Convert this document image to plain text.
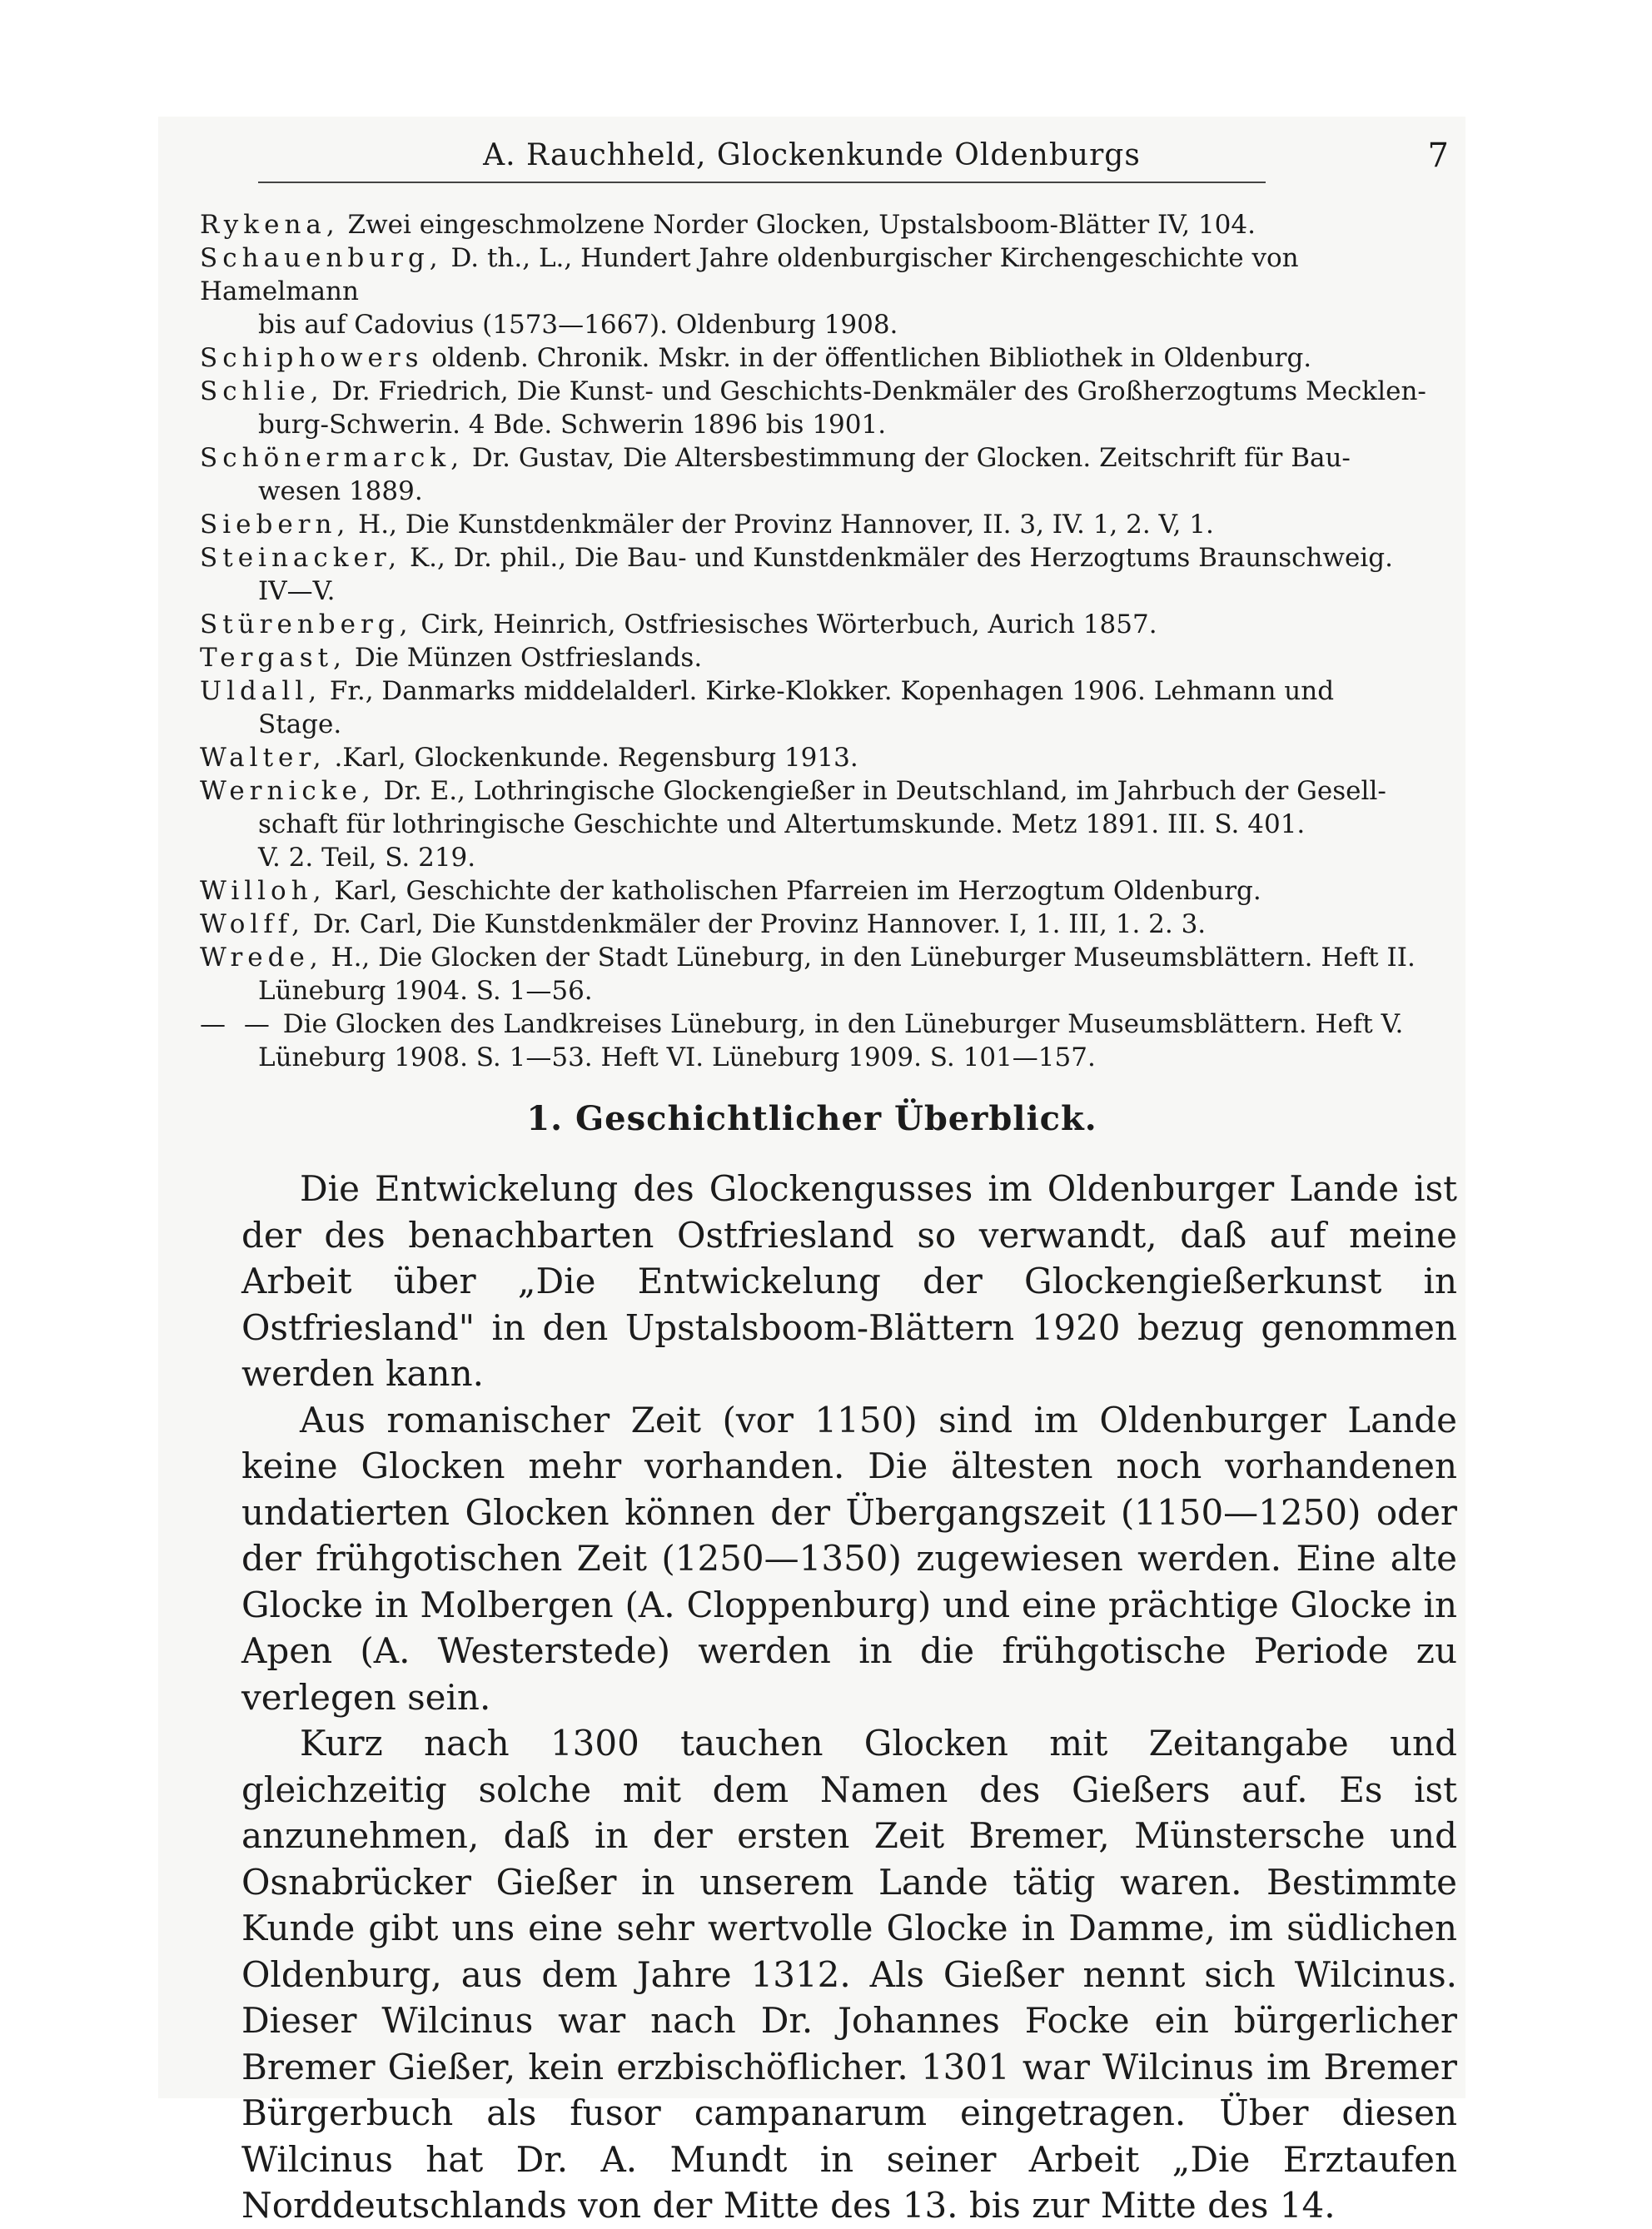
A. Rauchheld, Glockenkunde Oldenburgs	7

Rykena, Zwei eingeschmolzene Norder Glocken, Upstalsboom-Blätter IV, 104.

Schauenburg, D. th., L., Hundert Jahre oldenburgischer Kirchengeschichte von Hamelmann
bis auf Cadovius (1573—1667). Oldenburg 1908.

Schiphowers oldenb. Chronik. Mskr. in der öffentlichen Bibliothek in Oldenburg.

Schlie, Dr. Friedrich, Die Kunst- und Geschichts-Denkmäler des Großherzogtums Mecklen-
burg-Schwerin. 4 Bde. Schwerin 1896 bis 1901.

Schönermarck, Dr. Gustav, Die Altersbestimmung der Glocken. Zeitschrift für Bau-
wesen 1889.

Siebern, H., Die Kunstdenkmäler der Provinz Hannover, II. 3, IV. 1, 2. V, 1.

Steinacker, K., Dr. phil., Die Bau- und Kunstdenkmäler des Herzogtums Braunschweig.
IV—V.

Stürenberg, Cirk, Heinrich, Ostfriesisches Wörterbuch, Aurich 1857.

Tergast, Die Münzen Ostfrieslands.

Uldall, Fr., Danmarks middelalderl. Kirke-Klokker. Kopenhagen 1906. Lehmann und
Stage.

Walter, .Karl, Glockenkunde. Regensburg 1913.

Wernicke, Dr. E., Lothringische Glockengießer in Deutschland, im Jahrbuch der Gesell-
schaft für lothringische Geschichte und Altertumskunde. Metz 1891. III. S. 401.
V. 2. Teil, S. 219.

Willoh, Karl, Geschichte der katholischen Pfarreien im Herzogtum Oldenburg.

Wolff, Dr. Carl, Die Kunstdenkmäler der Provinz Hannover. I, 1. III, 1. 2. 3.

Wrede, H., Die Glocken der Stadt Lüneburg, in den Lüneburger Museumsblättern. Heft II.
Lüneburg 1904. S. 1—56.

— — Die Glocken des Landkreises Lüneburg, in den Lüneburger Museumsblättern. Heft V.
Lüneburg 1908. S. 1—53. Heft VI. Lüneburg 1909. S. 101—157.

1. Geschichtlicher Überblick.

Die Entwickelung des Glockengusses im Oldenburger Lande ist der des benachbarten Ostfriesland so verwandt, daß auf meine Arbeit über „Die Entwickelung der Glockengießerkunst in Ostfriesland" in den Upstalsboom-Blättern 1920 bezug genommen werden kann.

Aus romanischer Zeit (vor 1150) sind im Oldenburger Lande keine Glocken mehr vorhanden. Die ältesten noch vorhandenen undatierten Glocken können der Übergangszeit (1150—1250) oder der frühgotischen Zeit (1250—1350) zugewiesen werden. Eine alte Glocke in Molbergen (A. Cloppenburg) und eine prächtige Glocke in Apen (A. Westerstede) werden in die frühgotische Periode zu verlegen sein.

Kurz nach 1300 tauchen Glocken mit Zeitangabe und gleichzeitig solche mit dem Namen des Gießers auf. Es ist anzunehmen, daß in der ersten Zeit Bremer, Münstersche und Osnabrücker Gießer in unserem Lande tätig waren. Bestimmte Kunde gibt uns eine sehr wertvolle Glocke in Damme, im südlichen Oldenburg, aus dem Jahre 1312. Als Gießer nennt sich Wilcinus. Dieser Wilcinus war nach Dr. Johannes Focke ein bürgerlicher Bremer Gießer, kein erzbischöflicher. 1301 war Wilcinus im Bremer Bürgerbuch als fusor campanarum eingetragen. Über diesen Wilcinus hat Dr. A. Mundt in seiner Arbeit „Die Erztaufen Norddeutschlands von der Mitte des 13. bis zur Mitte des 14.
